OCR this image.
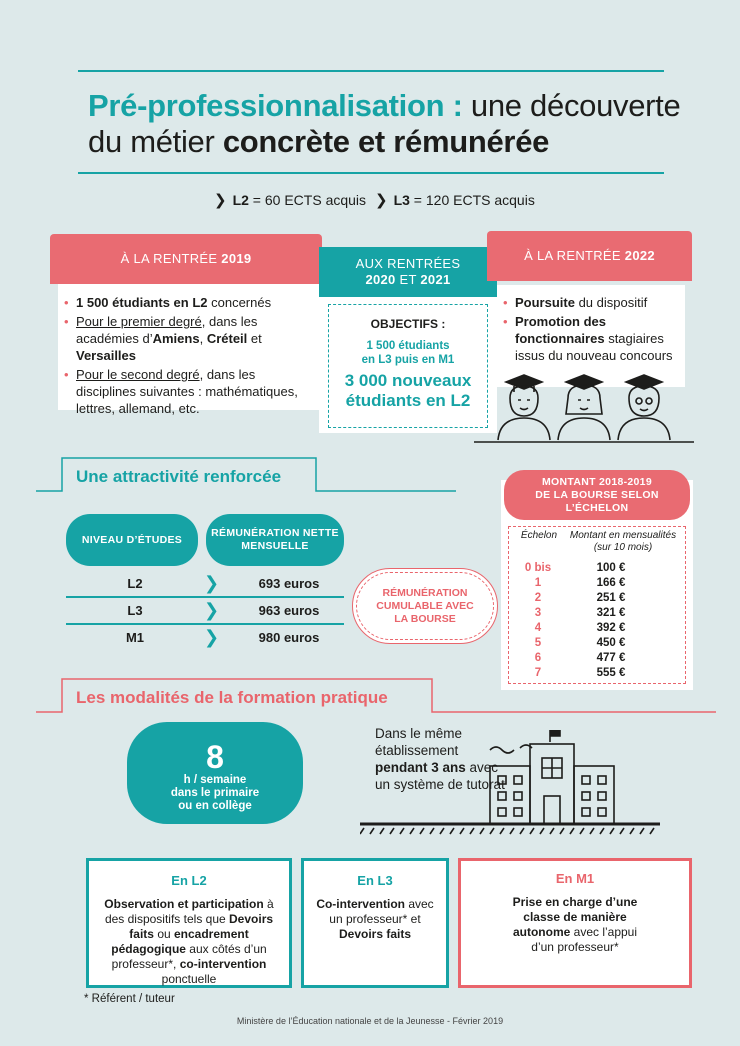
Pré-professionnalisation : une découverte du métier concrète et rémunérée
❯ L2 = 60 ECTS acquis ❯ L3 = 120 ECTS acquis
À LA RENTRÉE 2019
• 1 500 étudiants en L2 concernés
• Pour le premier degré, dans les académies d’Amiens, Créteil et Versailles
• Pour le second degré, dans les disciplines suivantes : mathématiques, lettres, allemand, etc.
AUX RENTRÉES
2020 ET 2021
OBJECTIFS :
1 500 étudiants
en L3 puis en M1
3 000 nouveaux
étudiants en L2
À LA RENTRÉE 2022
• Poursuite du dispositif
• Promotion des fonctionnaires stagiaires issus du nouveau concours
Une attractivité renforcée
NIVEAU D’ÉTUDES
RÉMUNÉRATION NETTE MENSUELLE
L2	❯	693 euros
L3	❯	963 euros
M1	❯	980 euros
RÉMUNÉRATION CUMULABLE AVEC LA BOURSE
MONTANT 2018-2019
DE LA BOURSE SELON L’ÉCHELON
Échelon	Montant en mensualités
(sur 10 mois)
0 bis	100 €
1	166 €
2	251 €
3	321 €
4	392 €
5	450 €
6	477 €
7	555 €
Les modalités de la formation pratique
8
h / semaine
dans le primaire
ou en collège
Dans le même établissement pendant 3 ans avec un système de tutorat
En L2
Observation et participation à des dispositifs tels que Devoirs faits ou encadrement pédagogique aux côtés d’un professeur*, co-intervention ponctuelle
En L3
Co-intervention avec un professeur* et Devoirs faits
En M1
Prise en charge d’une classe de manière autonome avec l’appui d’un professeur*
* Référent / tuteur
Ministère de l’Éducation nationale et de la Jeunesse - Février 2019
